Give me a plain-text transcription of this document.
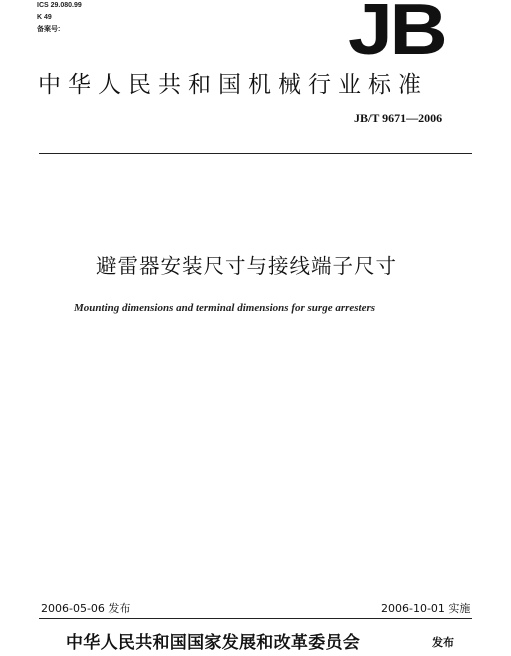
ICS 29.080.99
K 49
备案号:	JB
中华人民共和国机械行业标准
JB/T 9671—2006
避雷器安装尺寸与接线端子尺寸
Mounting dimensions and terminal dimensions for surge arresters
2006-05-06 发布	2006-10-01 实施
中华人民共和国国家发展和改革委员会	发布
